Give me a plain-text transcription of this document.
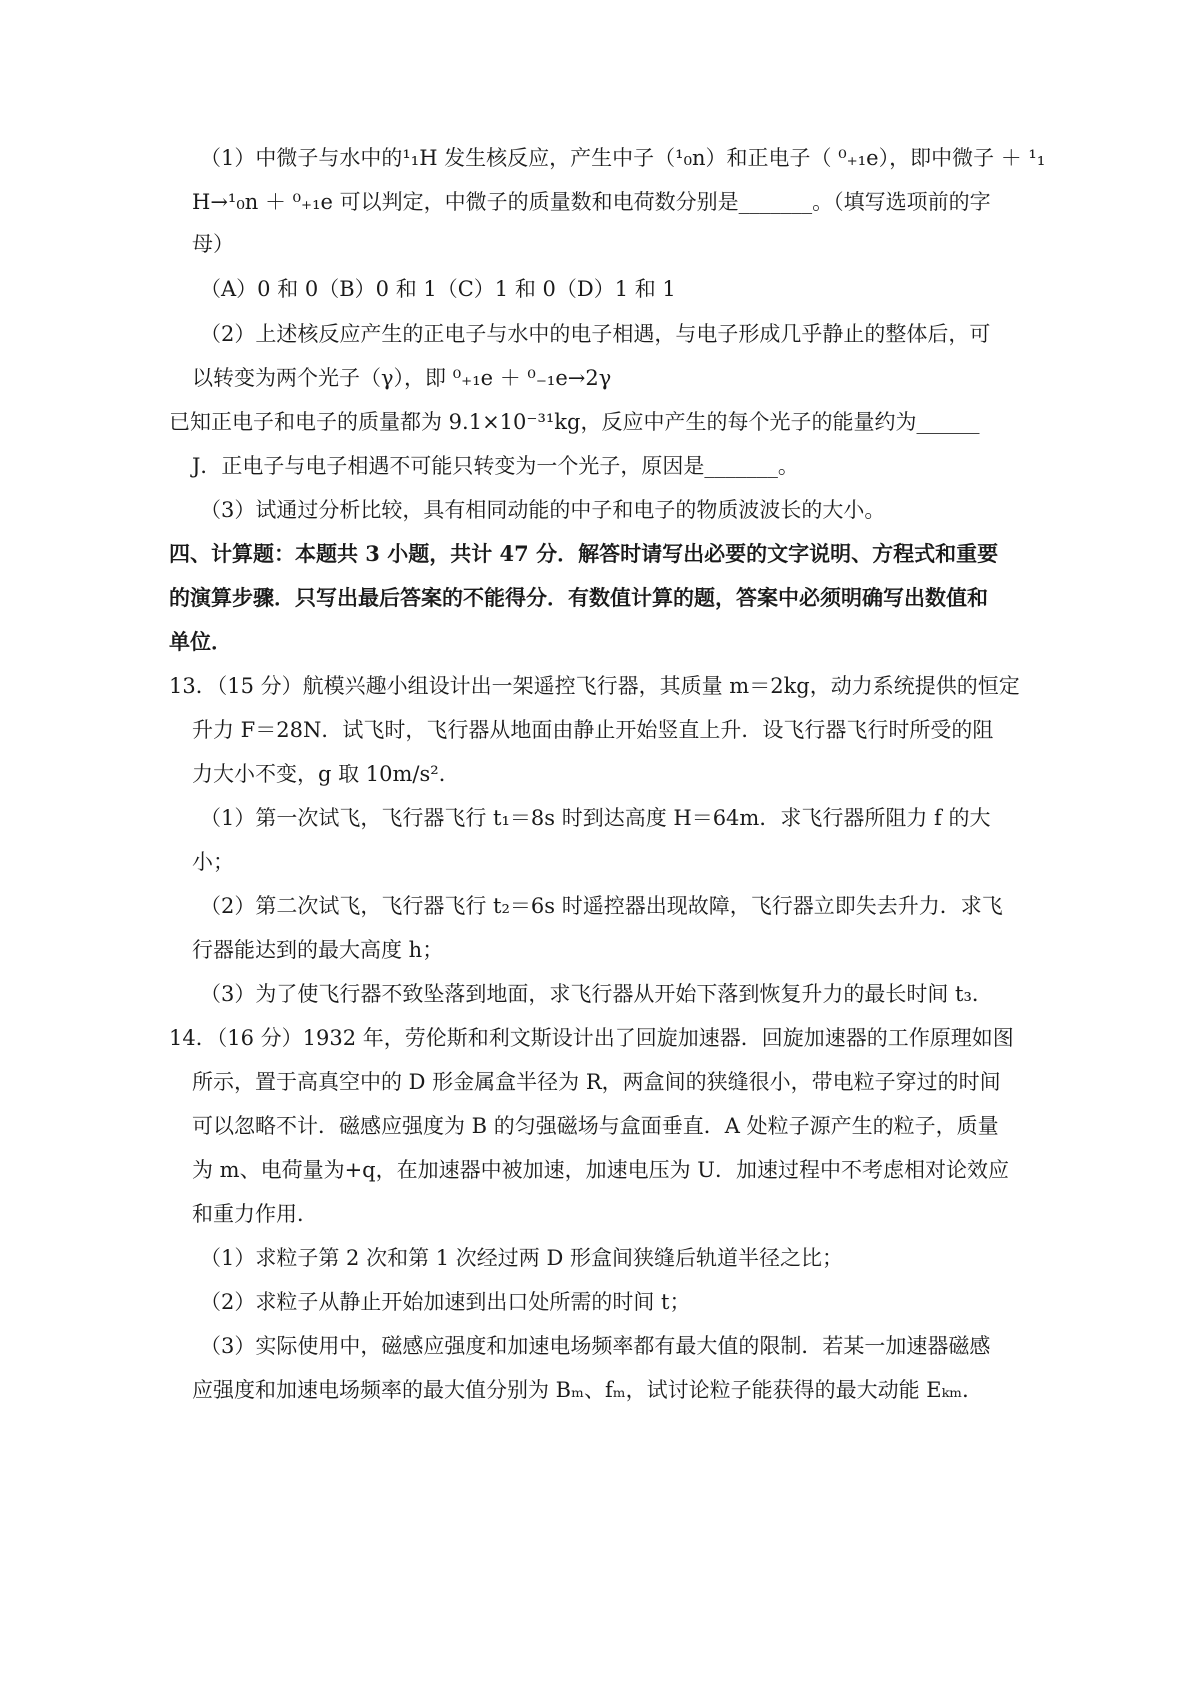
（1）中微子与水中的¹₁H 发生核反应，产生中子（¹₀n）和正电子（ ⁰₊₁e），即中微子 ＋ ¹₁
H→¹₀n ＋ ⁰₊₁e 可以判定，中微子的质量数和电荷数分别是_______。（填写选项前的字
母）
（A）0 和 0（B）0 和 1（C）1 和 0（D）1 和 1
（2）上述核反应产生的正电子与水中的电子相遇，与电子形成几乎静止的整体后，可
以转变为两个光子（γ），即 ⁰₊₁e ＋ ⁰₋₁e→2γ
已知正电子和电子的质量都为 9.1×10⁻³¹kg，反应中产生的每个光子的能量约为______
J．正电子与电子相遇不可能只转变为一个光子，原因是_______。
（3）试通过分析比较，具有相同动能的中子和电子的物质波波长的大小。
四、计算题：本题共 3 小题，共计 47 分．解答时请写出必要的文字说明、方程式和重要
的演算步骤．只写出最后答案的不能得分．有数值计算的题，答案中必须明确写出数值和
单位．
13．（15 分）航模兴趣小组设计出一架遥控飞行器，其质量 m＝2kg，动力系统提供的恒定
升力 F＝28N．试飞时，飞行器从地面由静止开始竖直上升．设飞行器飞行时所受的阻
力大小不变，g 取 10m/s²．
（1）第一次试飞，飞行器飞行 t₁＝8s 时到达高度 H＝64m．求飞行器所阻力 f 的大
小；
（2）第二次试飞，飞行器飞行 t₂＝6s 时遥控器出现故障，飞行器立即失去升力．求飞
行器能达到的最大高度 h；
（3）为了使飞行器不致坠落到地面，求飞行器从开始下落到恢复升力的最长时间 t₃．
14．（16 分）1932 年，劳伦斯和利文斯设计出了回旋加速器．回旋加速器的工作原理如图
所示，置于高真空中的 D 形金属盒半径为 R，两盒间的狭缝很小，带电粒子穿过的时间
可以忽略不计．磁感应强度为 B 的匀强磁场与盒面垂直．A 处粒子源产生的粒子，质量
为 m、电荷量为+q，在加速器中被加速，加速电压为 U．加速过程中不考虑相对论效应
和重力作用．
（1）求粒子第 2 次和第 1 次经过两 D 形盒间狭缝后轨道半径之比；
（2）求粒子从静止开始加速到出口处所需的时间 t；
（3）实际使用中，磁感应强度和加速电场频率都有最大值的限制．若某一加速器磁感
应强度和加速电场频率的最大值分别为 Bₘ、fₘ，试讨论粒子能获得的最大动能 Eₖₘ．
